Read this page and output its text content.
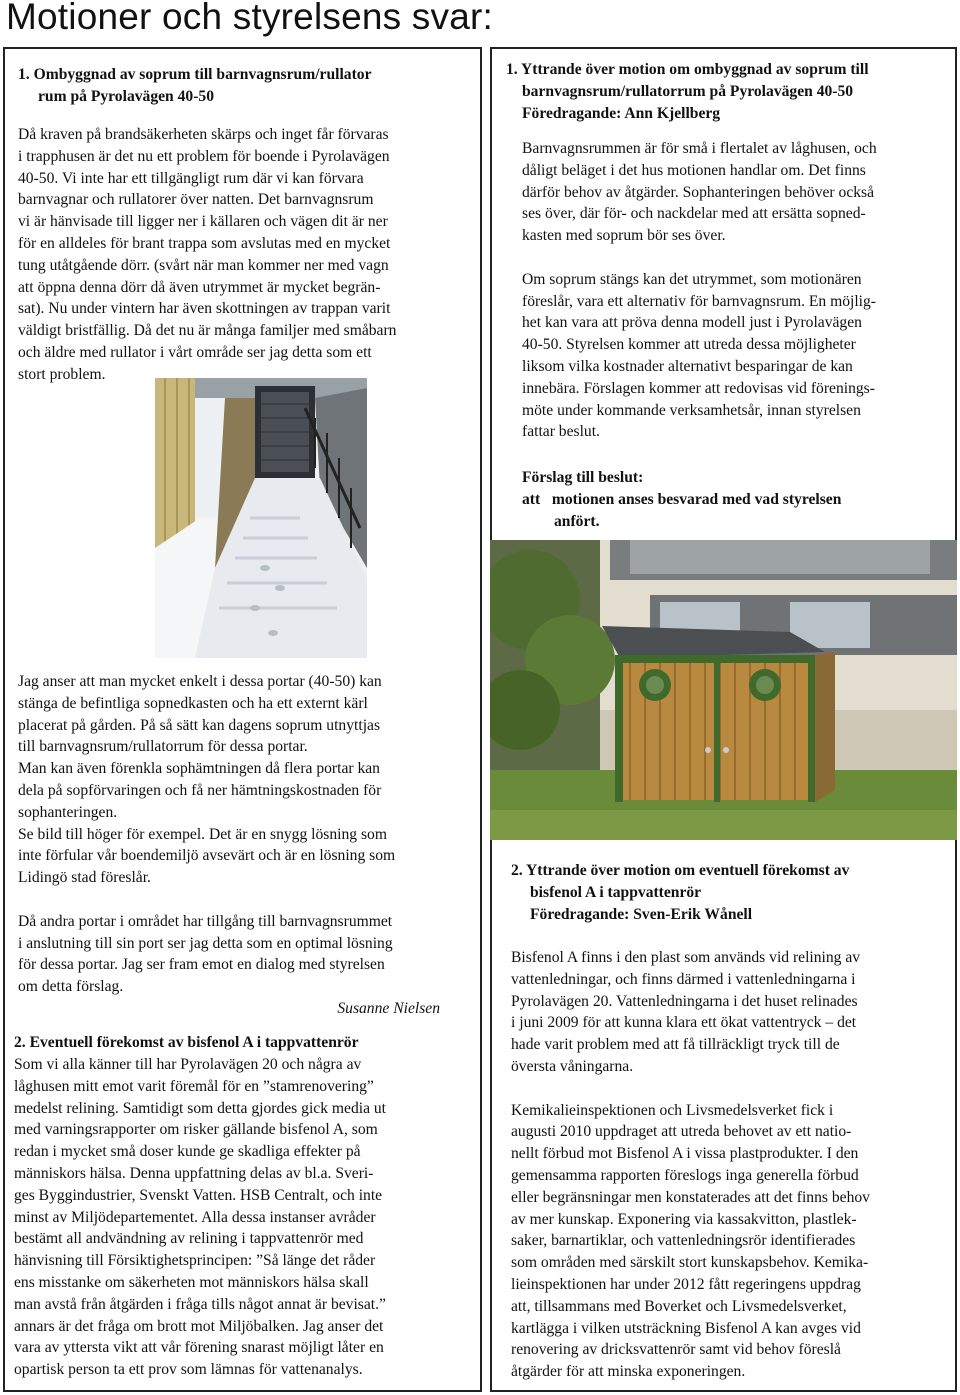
Motioner och styrelsens svar:

1. Ombyggnad av soprum till barnvagnsrum/rullator

rum på Pyrolavägen 40-50

Då kraven på brandsäkerheten skärps och inget får förvaras

i trapphusen är det nu ett problem för boende i Pyrolavägen

40-50. Vi inte har ett tillgängligt rum där vi kan förvara

barnvagnar och rullatorer över natten. Det barnvagnsrum

vi är hänvisade till ligger ner i källaren och vägen dit är ner

för en alldeles för brant trappa som avslutas med en mycket

tung utåtgående dörr. (svårt när man kommer ner med vagn

att öppna denna dörr då även utrymmet är mycket begrän-

sat). Nu under vintern har även skottningen av trappan varit

väldigt bristfällig. Då det nu är många familjer med småbarn

och äldre med rullator i vårt område ser jag detta som ett

stort problem.

Jag anser att man mycket enkelt i dessa portar (40-50) kan

stänga de befintliga sopnedkasten och ha ett externt kärl

placerat på gården. På så sätt kan dagens soprum utnyttjas

till barnvagnsrum/rullatorrum för dessa portar.

Man kan även förenkla sophämtningen då flera portar kan

dela på sopförvaringen och få ner hämtningskostnaden för

sophanteringen.

Se bild till höger för exempel. Det är en snygg lösning som

inte förfular vår boendemiljö avsevärt och är en lösning som

Lidingö stad föreslår.

Då andra portar i området har tillgång till barnvagnsrummet

i anslutning till sin port ser jag detta som en optimal lösning

för dessa portar. Jag ser fram emot en dialog med styrelsen

om detta förslag.

Susanne Nielsen

2. Eventuell förekomst av bisfenol A i tappvattenrör

Som vi alla känner till har Pyrolavägen 20 och några av

låghusen mitt emot varit föremål för en ”stamrenovering”

medelst relining. Samtidigt som detta gjordes gick media ut

med varningsrapporter om risker gällande bisfenol A, som

redan i mycket små doser kunde ge skadliga effekter på

människors hälsa. Denna uppfattning delas av bl.a. Sveri-

ges Byggindustrier, Svenskt Vatten. HSB Centralt, och inte

minst av Miljödepartementet. Alla dessa instanser avråder

bestämt all andvändning av relining i tappvattenrör med

hänvisning till Försiktighetsprincipen: ”Så länge det råder

ens misstanke om säkerheten mot människors hälsa skall

man avstå från åtgärden i fråga tills något annat är bevisat.”

annars är det fråga om brott mot Miljöbalken. Jag anser det

vara av yttersta vikt att vår förening snarast möjligt låter en

opartisk person ta ett prov som lämnas för vattenanalys.

1. Yttrande över motion om ombyggnad av soprum till

barnvagnsrum/rullatorrum på Pyrolavägen 40-50

Föredragande: Ann Kjellberg

Barnvagnsrummen är för små i flertalet av låghusen, och

dåligt beläget i det hus motionen handlar om. Det finns

därför behov av åtgärder. Sophanteringen behöver också

ses över, där för- och nackdelar med att ersätta sopned-

kasten med soprum bör ses över.

Om soprum stängs kan det utrymmet, som motionären

föreslår, vara ett alternativ för barnvagnsrum. En möjlig-

het kan vara att pröva denna modell just i Pyrolavägen

40-50. Styrelsen kommer att utreda dessa möjligheter

liksom vilka kostnader alternativt besparingar de kan

innebära. Förslagen kommer att redovisas vid förenings-

möte under kommande verksamhetsår, innan styrelsen

fattar beslut.

Förslag till beslut:

att   motionen anses besvarad med vad styrelsen

anfört.

2. Yttrande över motion om eventuell förekomst av

bisfenol A i tappvattenrör

Föredragande: Sven-Erik Wånell

Bisfenol A finns i den plast som används vid relining av

vattenledningar, och finns därmed i vattenledningarna i

Pyrolavägen 20. Vattenledningarna i det huset relinades

i juni 2009 för att kunna klara ett ökat vattentryck – det

hade varit problem med att få tillräckligt tryck till de

översta våningarna.

Kemikalieinspektionen och Livsmedelsverket fick i

augusti 2010 uppdraget att utreda behovet av ett natio-

nellt förbud mot Bisfenol A i vissa plastprodukter. I den

gemensamma rapporten föreslogs inga generella förbud

eller begränsningar men konstaterades att det finns behov

av mer kunskap. Exponering via kassakvitton, plastlek-

saker, barnartiklar, och vattenledningsrör identifierades

som områden med särskilt stort kunskapsbehov. Kemika-

lieinspektionen har under 2012 fått regeringens uppdrag

att, tillsammans med Boverket och Livsmedelsverket,

kartlägga i vilken utsträckning Bisfenol A kan avges vid

renovering av dricksvattenrör samt vid behov föreslå

åtgärder för att minska exponeringen.
